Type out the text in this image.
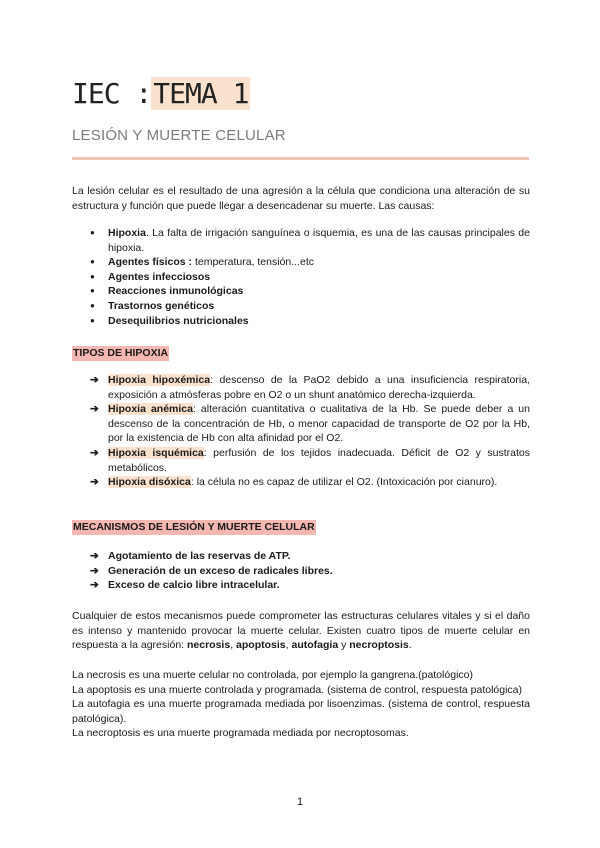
IEC :TEMA 1
LESIÓN Y MUERTE CELULAR

La lesión celular es el resultado de una agresión a la célula que condiciona una alteración de su estructura y función que puede llegar a desencadenar su muerte. Las causas:

● Hipoxia. La falta de irrigación sanguínea o isquemia, es una de las causas principales de hipoxia.
● Agentes físicos : temperatura, tensión...etc
● Agentes infecciosos
● Reacciones inmunológicas
● Trastornos genéticos
● Desequilibrios nutricionales
TIPOS DE HIPOXIA
➔ Hipoxia hipoxémica: descenso de la PaO2 debido a una insuficiencia respiratoria, exposición a atmósferas pobre en O2 o un shunt anatómico derecha-izquierda.
➔ Hipoxia anémica: alteración cuantitativa o cualitativa de la Hb. Se puede deber a un descenso de la concentración de Hb, o menor capacidad de transporte de O2 por la Hb, por la existencia de Hb con alta afinidad por el O2.
➔ Hipoxia isquémica: perfusión de los tejidos inadecuada. Déficit de O2 y sustratos metabólicos.
➔ Hipoxia disóxica: la célula no es capaz de utilizar el O2. (Intoxicación por cianuro).
MECANISMOS DE LESIÓN Y MUERTE CELULAR
➔ Agotamiento de las reservas de ATP.
➔ Generación de un exceso de radicales libres.
➔ Exceso de calcio libre intracelular.

Cualquier de estos mecanismos puede comprometer las estructuras celulares vitales y si el daño es intenso y mantenido provocar la muerte celular. Existen cuatro tipos de muerte celular en respuesta a la agresión: necrosis, apoptosis, autofagia y necroptosis.

La necrosis es una muerte celular no controlada, por ejemplo la gangrena.(patológico)

La apoptosis es una muerte controlada y programada. (sistema de control, respuesta patológica)

La autofagia es una muerte programada mediada por lisoenzimas. (sistema de control, respuesta patológica).

La necroptosis es una muerte programada mediada por necroptosomas.

1
